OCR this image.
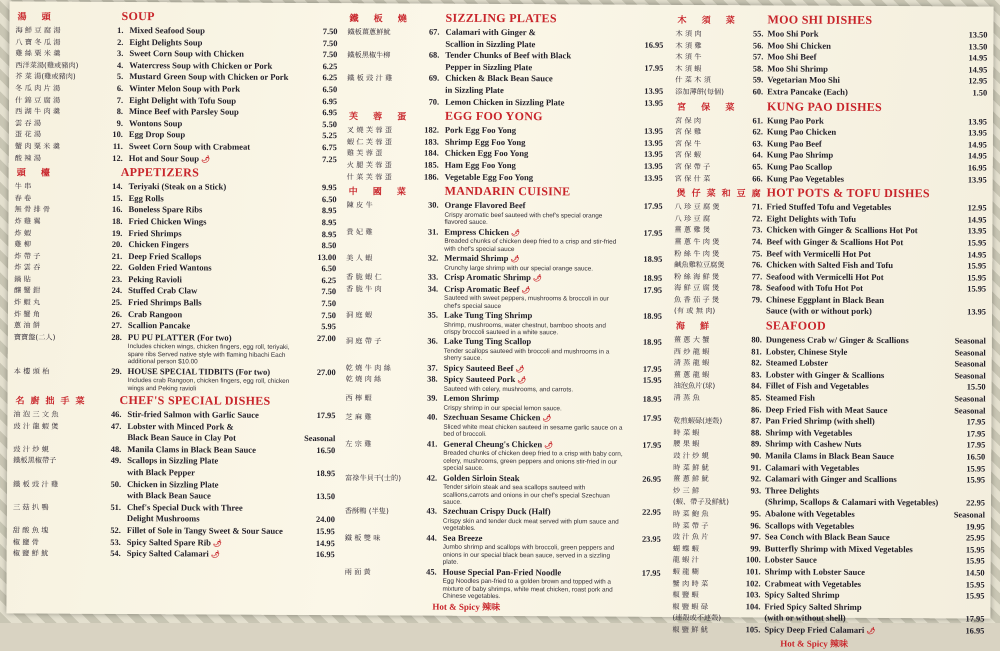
湯 頭	SOUP
海 鮮 豆 腐 湯	1. Mixed Seafood Soup	7.50
八 寶 冬 瓜 湯	2. Eight Delights Soup	7.50
雞 絲 粟 米 羹	3. Sweet Corn Soup with Chicken	7.50
西洋菜湯(雞或豬肉)	4. Watercress Soup with Chicken or Pork	6.25
芥 菜 湯(雞或豬肉)	5. Mustard Green Soup with Chicken or Pork	6.25
冬 瓜 肉 片 湯	6. Winter Melon Soup with Pork	6.50
什 錦 豆 腐 湯	7. Eight Delight with Tofu Soup	6.95
西 湖 牛 肉 羹	8. Mince Beef with Parsley Soup	6.95
雲 吞 湯	9. Wontons Soup	5.50
蛋 花 湯	10. Egg Drop Soup	5.25
蟹 肉 粟 米 羹	11. Sweet Corn Soup with Crabmeat	6.75
酸 辣 湯	12. Hot and Sour Soup 🌶	7.25
頭 檯	APPETIZERS
牛 串	14. Teriyaki (Steak on a Stick)	9.95
春 卷	15. Egg Rolls	6.50
無 骨 排 骨	16. Boneless Spare Ribs	8.95
炸 雞 翼	18. Fried Chicken Wings	8.95
炸 蝦	19. Fried Shrimps	8.95
雞 柳	20. Chicken Fingers	8.50
炸 帶 子	21. Deep Fried Scallops	13.00
炸 雲 吞	22. Golden Fried Wantons	6.50
鍋 貼	23. Peking Ravioli	6.25
釀 蟹 鉗	24. Stuffed Crab Claw	7.50
炸 蝦 丸	25. Fried Shrimps Balls	7.50
炸 蟹 角	26. Crab Rangoon	7.50
蔥 油 餅	27. Scallion Pancake	5.95
寶寶盤(二人)	28. PU PU PLATTER (For two)	27.00
Includes chicken wings, chicken fingers, egg roll, teriyaki, spare ribs Served native style with flaming hibachi Each additional person $10.00
本 樓 頭 枱	29. HOUSE SPECIAL TIDBITS (For two)	27.00
Includes crab Rangoon, chicken fingers, egg roll, chicken wings and Peking ravioli
名廚拙手菜 CHEF'S SPECIAL DISHES
油 泡 三 文 魚	46. Stir-fried Salmon with Garlic Sauce	17.95
豉 汁 龍 蝦 煲	47. Lobster with Minced Pork &
Black Bean Sauce in Clay Pot	Seasonal
豉 汁 炒 蜆	48. Manila Clams in Black Bean Sauce	16.50
鐵板黑椒帶子	49. Scallops in Sizzling Plate
with Black Pepper	18.95
鐵 板 豉 汁 雞	50. Chicken in Sizzling Plate
with Black Bean Sauce	13.50
三 菇 扒 鴨	51. Chef's Special Duck with Three
Delight Mushrooms	24.00
甜 酸 魚 塊	52. Fillet of Sole in Tangy Sweet & Sour Sauce	15.95
椒 鹽 骨	53. Spicy Salted Spare Rib 🌶	14.95
椒 鹽 鮮 魷	54. Spicy Salted Calamari 🌶	16.95
鐵 板 燒	SIZZLING PLATES
鐵板薑蔥鮮魷	67. Calamari with Ginger &
Scallion in Sizzling Plate	16.95
鐵板黑椒牛柳	68. Tender Chunks of Beef with Black
Pepper in Sizzling Plate	17.95
鐵 板 豉 汁 雞	69. Chicken & Black Bean Sauce
in Sizzling Plate	13.95
70. Lemon Chicken in Sizzling Plate	13.95
芙 蓉 蛋	EGG FOO YONG
叉 燒 芙 蓉 蛋	182. Pork Egg Foo Yong	13.95
蝦 仁 芙 蓉 蛋	183. Shrimp Egg Foo Yong	13.95
雞 芙 蓉 蛋	184. Chicken Egg Foo Yong	13.95
火 腿 芙 蓉 蛋	185. Ham Egg Foo Yong	13.95
什 菜 芙 蓉 蛋	186. Vegetable Egg Foo Yong	13.95
中 國 菜	MANDARIN CUISINE
陳 皮 牛	30. Orange Flavored Beef	17.95
Crispy aromatic beef sauteed with chef's special orange flavored sauce.
貴 妃 雞	31. Empress Chicken 🌶	17.95
Breaded chunks of chicken deep fried to a crisp and stir-fried with chef's special sauce
美 人 蝦	32. Mermaid Shrimp 🌶	18.95
Crunchy large shrimp with our special orange sauce.
香 脆 蝦 仁	33. Crisp Aromatic Shrimp 🌶	18.95
香 脆 牛 肉	34. Crisp Aromatic Beef 🌶	17.95
Sauteed with sweet peppers, mushrooms & broccoli in our chef's special sauce
洞 庭 蝦	35. Lake Tung Ting Shrimp	18.95
Shrimp, mushrooms, water chestnut, bamboo shoots and crispy broccoli sauteed in a white sauce.
洞 庭 帶 子	36. Lake Tung Ting Scallop	18.95
Tender scallops sauteed with broccoli and mushrooms in a sherry sauce.
乾 燒 牛 肉 絲	37. Spicy Sauteed Beef 🌶	17.95
乾 燒 肉 絲	38. Spicy Sauteed Pork 🌶	15.95
Sauteed with celery, mushrooms, and carrots.
西 檸 蝦	39. Lemon Shrimp	18.95
Crispy shrimp in our special lemon sauce.
芝 麻 雞	40. Szechuan Sesame Chicken 🌶	17.95
Sliced white meat chicken sauteed in sesame garlic sauce on a bed of broccoli.
左 宗 雞	41. General Cheung's Chicken 🌶	17.95
Breaded chunks of chicken deep fried to a crisp with baby corn, celery, mushrooms, green peppers and onions stir-fried in our special sauce.
富祿牛貝干(士的)	42. Golden Sirloin Steak	26.95
Tender sirloin steak and sea scallops sauteed with scallions,carrots and onions in our chef's special Szechuan sauce.
香酥鴨 (半隻)	43. Szechuan Crispy Duck (Half)	22.95
Crispy skin and tender duck meat served with plum sauce and vegetables.
鐵 板 雙 味	44. Sea Breeze	23.95
Jumbo shrimp and scallops with broccoli, green peppers and onions in our special black bean sauce, served in a sizzling plate.
兩 面 黃	45. House Special Pan-Fried Noodle	17.95
Egg Noodles pan-fried to a golden brown and topped with a mixture of baby shrimps, white meat chicken, roast pork and Chinese vegetables.
Hot & Spicy 辣味
木 須 菜 MOO SHI DISHES
木 須 肉	55. Moo Shi Pork	13.50
木 須 雞	56. Moo Shi Chicken	13.50
木 須 牛	57. Moo Shi Beef	14.95
木 須 蝦	58. Moo Shi Shrimp	14.95
什 菜 木 須	59. Vegetarian Moo Shi	12.95
添加薄餅(每個)	60. Extra Pancake (Each)	1.50
宮 保 菜 KUNG PAO DISHES
宮 保 肉	61. Kung Pao Pork	13.95
宮 保 雞	62. Kung Pao Chicken	13.95
宮 保 牛	63. Kung Pao Beef	14.95
宮 保 蝦	64. Kung Pao Shrimp	14.95
宮 保 帶 子	65. Kung Pao Scallop	16.95
宮 保 什 菜	66. Kung Pao Vegetables	13.95
煲仔菜和豆腐 HOT POTS & TOFU DISHES
八 珍 豆 腐 煲	71. Fried Stuffed Tofu and Vegetables	12.95
八 珍 豆 腐	72. Eight Delights with Tofu	14.95
薑 蔥 雞 煲	73. Chicken with Ginger & Scallions Hot Pot	13.95
薑 蔥 牛 肉 煲	74. Beef with Ginger & Scallions Hot Pot	15.95
粉 絲 牛 肉 煲	75. Beef with Vermicelli Hot Pot	14.95
鹹魚雞粒豆腐煲	76. Chicken with Salted Fish and Tofu	15.95
粉 絲 海 鮮 煲	77. Seafood with Vermicelli Hot Pot	15.95
海 鮮 豆 腐 煲	78. Seafood with Tofu Hot Pot	15.95
魚 香 茄 子 煲	79. Chinese Eggplant in Black Bean
(有 或 無 肉)	Sauce (with or without pork)	13.95
海 鮮	SEAFOOD
薑 蔥 大 蟹	80. Dungeness Crab w/ Ginger & Scallions	Seasonal
西 炒 龍 蝦	81. Lobster, Chinese Style	Seasonal
清 蒸 龍 蝦	82. Steamed Lobster	Seasonal
薑 蔥 龍 蝦	83. Lobster with Ginger & Scallions	Seasonal
油泡魚片(球)	84. Fillet of Fish and Vegetables	15.50
清 蒸 魚	85. Steamed Fish	Seasonal
86. Deep Fried Fish with Meat Sauce	Seasonal
乾煎蝦碌(連殼)	87. Pan Fried Shrimp (with shell)	17.95
時 菜 蝦	88. Shrimp with Vegetables	17.95
腰 果 蝦	89. Shrimp with Cashew Nuts	17.95
豉 汁 炒 蜆	90. Manila Clams in Black Bean Sauce	16.50
時 菜 鮮 魷	91. Calamari with Vegetables	15.95
薑 蔥 鮮 魷	92. Calamari with Ginger and Scallions	15.95
炒 三 鮮	93. Three Delights
(蝦、帶子及鮮魷)	(Shrimp, Scallops & Calamari with Vegetables)	22.95
時 菜 鮑 魚	95. Abalone with Vegetables	Seasonal
時 菜 帶 子	96. Scallops with Vegetables	19.95
豉 汁 魚 片	97. Sea Conch with Black Bean Sauce	25.95
蝴 蝶 蝦	99. Butterfly Shrimp with Mixed Vegetables	15.95
龍 蝦 汁	100. Lobster Sauce	15.95
蝦 龍 糊	101. Shrimp with Lobster Sauce	14.50
蟹 肉 時 菜	102. Crabmeat with Vegetables	15.95
椒 鹽 蝦	103. Spicy Salted Shrimp	15.95
椒 鹽 蝦 碌	104. Fried Spicy Salted Shrimp
(連殼或不連殼)	(with or without shell)	17.95
椒 鹽 鮮 魷	105. Spicy Deep Fried Calamari 🌶	16.95
Hot & Spicy 辣味
